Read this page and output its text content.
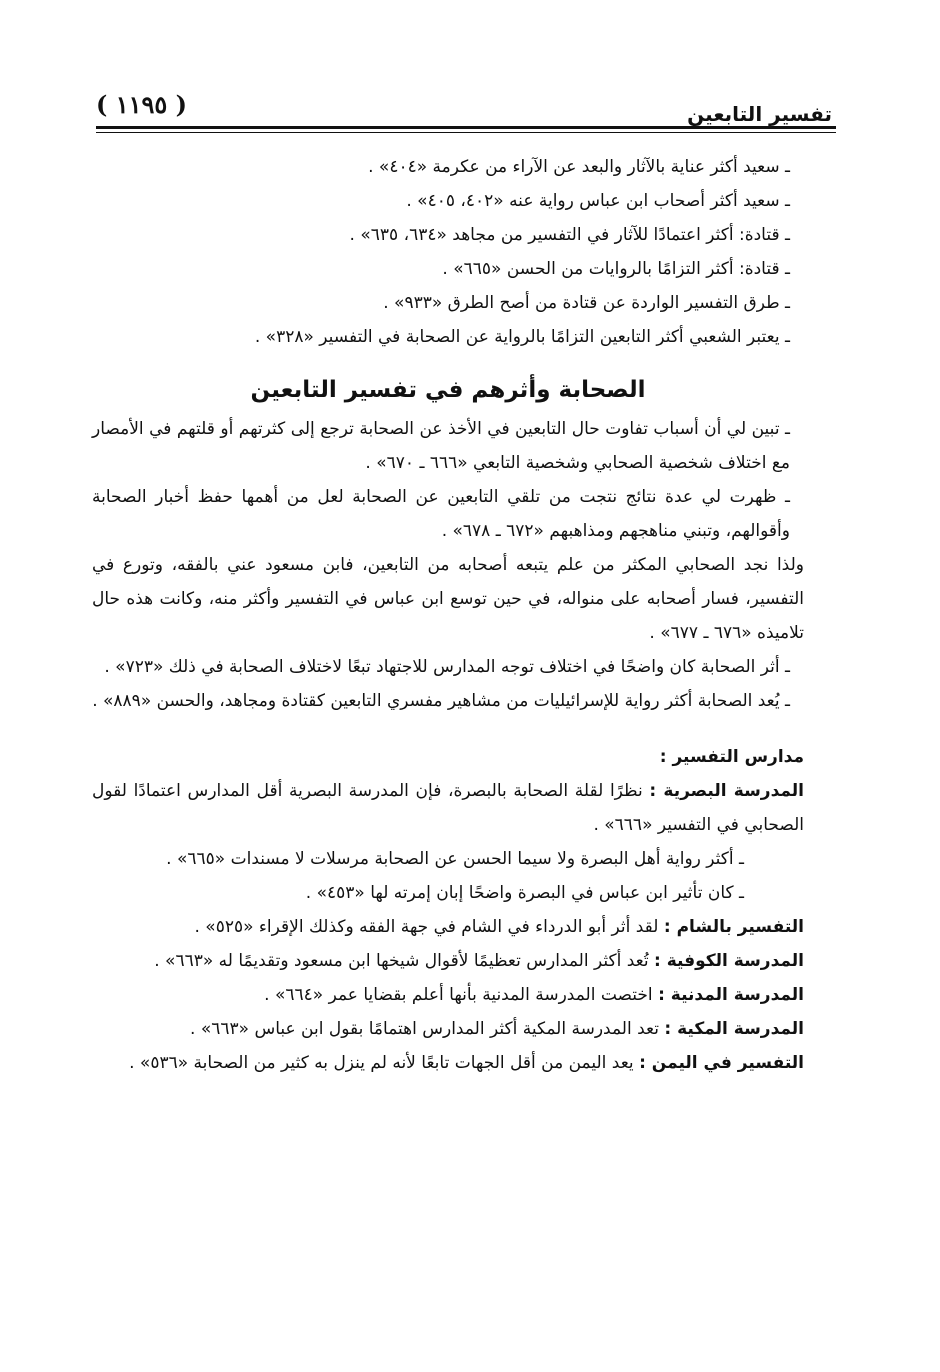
( ١١٩٥ )	تفسير التابعين
ـ سعيد أكثر عناية بالآثار والبعد عن الآراء من عكرمة «٤٠٤» .
ـ سعيد أكثر أصحاب ابن عباس رواية عنه «٤٠٢، ٤٠٥» .
ـ قتادة: أكثر اعتمادًا للآثار في التفسير من مجاهد «٦٣٤، ٦٣٥» .
ـ قتادة: أكثر التزامًا بالروايات من الحسن «٦٦٥» .
ـ طرق التفسير الواردة عن قتادة من أصح الطرق «٩٣٣» .
ـ يعتبر الشعبي أكثر التابعين التزامًا بالرواية عن الصحابة في التفسير «٣٢٨» .
الصحابة وأثرهم في تفسير التابعين

ـ تبين لي أن أسباب تفاوت حال التابعين في الأخذ عن الصحابة ترجع إلى كثرتهم أو قلتهم في الأمصار مع اختلاف شخصية الصحابي وشخصية التابعي «٦٦٦ ـ ٦٧٠» .

ـ ظهرت لي عدة نتائج نتجت من تلقي التابعين عن الصحابة لعل من أهمها حفظ أخبار الصحابة وأقوالهم، وتبني مناهجهم ومذاهبهم «٦٧٢ ـ ٦٧٨» .

ولذا نجد الصحابي المكثر من علم يتبعه أصحابه من التابعين، فابن مسعود عني بالفقه، وتورع في التفسير، فسار أصحابه على منواله، في حين توسع ابن عباس في التفسير وأكثر منه، وكانت هذه حال تلاميذه «٦٧٦ ـ ٦٧٧» .

ـ أثر الصحابة كان واضحًا في اختلاف توجه المدارس للاجتهاد تبعًا لاختلاف الصحابة في ذلك «٧٢٣» .

ـ يُعد الصحابة أكثر رواية للإسرائيليات من مشاهير مفسري التابعين كقتادة ومجاهد، والحسن «٨٨٩» .

مدارس التفسير :

المدرسة البصرية : نظرًا لقلة الصحابة بالبصرة، فإن المدرسة البصرية أقل المدارس اعتمادًا لقول الصحابي في التفسير «٦٦٦» .

ـ أكثر رواية أهل البصرة ولا سيما الحسن عن الصحابة مرسلات لا مسندات «٦٦٥» .
ـ كان تأثير ابن عباس في البصرة واضحًا إبان إمرته لها «٤٥٣» .

التفسير بالشام : لقد أثر أبو الدرداء في الشام في جهة الفقه وكذلك الإقراء «٥٢٥» .

المدرسة الكوفية : تُعد أكثر المدارس تعظيمًا لأقوال شيخها ابن مسعود وتقديمًا له «٦٦٣» .

المدرسة المدنية : اختصت المدرسة المدنية بأنها أعلم بقضايا عمر «٦٦٤» .

المدرسة المكية : تعد المدرسة المكية أكثر المدارس اهتمامًا بقول ابن عباس «٦٦٣» .

التفسير في اليمن : يعد اليمن من أقل الجهات تابعًا لأنه لم ينزل به كثير من الصحابة «٥٣٦» .
